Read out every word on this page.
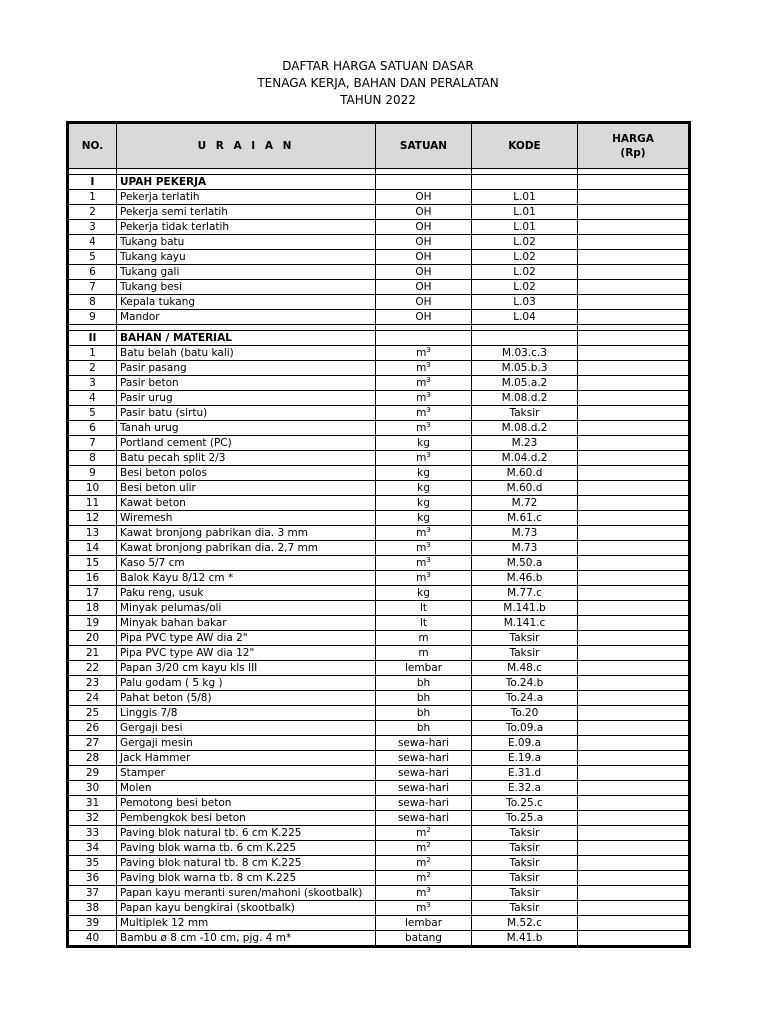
DAFTAR HARGA SATUAN DASAR
TENAGA KERJA, BAHAN DAN PERALATAN
TAHUN 2022
NO.	U R A I A N	SATUAN	KODE	HARGA
(Rp)

I	UPAH PEKERJA			
1	Pekerja terlatih	OH	L.01	
2	Pekerja semi terlatih	OH	L.01	
3	Pekerja tidak terlatih	OH	L.01	
4	Tukang batu	OH	L.02	
5	Tukang kayu	OH	L.02	
6	Tukang gali	OH	L.02	
7	Tukang besi	OH	L.02	
8	Kepala tukang	OH	L.03	
9	Mandor	OH	L.04	

II	BAHAN / MATERIAL			
1	Batu belah (batu kali)	$m^3$	M.03.c.3	
2	Pasir pasang	$m^3$	M.05.b.3	
3	Pasir beton	$m^3$	M.05.a.2	
4	Pasir urug	$m^3$	M.08.d.2	
5	Pasir batu (sirtu)	$m^3$	Taksir	
6	Tanah urug	$m^3$	M.08.d.2	
7	Portland cement (PC)	kg	M.23	
8	Batu pecah split 2/3	$m^3$	M.04.d.2	
9	Besi beton polos	kg	M.60.d	
10	Besi beton ulir	kg	M.60.d	
11	Kawat beton	kg	M.72	
12	Wiremesh	kg	M.61.c	
13	Kawat bronjong pabrikan dia. 3 mm	$m^3$	M.73	
14	Kawat bronjong pabrikan dia. 2,7 mm	$m^3$	M.73	
15	Kaso 5/7 cm	$m^3$	M.50.a	
16	Balok Kayu 8/12 cm *	$m^3$	M.46.b	
17	Paku reng, usuk	kg	M.77.c	
18	Minyak pelumas/oli	lt	M.141.b	
19	Minyak bahan bakar	lt	M.141.c	
20	Pipa PVC type AW dia 2"	m	Taksir	
21	Pipa PVC type AW dia 12"	m	Taksir	
22	Papan 3/20 cm kayu kls III	lembar	M.48.c	
23	Palu godam ( 5 kg )	bh	To.24.b	
24	Pahat beton (5/8)	bh	To.24.a	
25	Linggis 7/8	bh	To.20	
26	Gergaji besi	bh	To.09.a	
27	Gergaji mesin	sewa-hari	E.09.a	
28	Jack Hammer	sewa-hari	E.19.a	
29	Stamper	sewa-hari	E.31.d	
30	Molen	sewa-hari	E.32.a	
31	Pemotong besi beton	sewa-hari	To.25.c	
32	Pembengkok besi beton	sewa-hari	To.25.a	
33	Paving blok natural tb. 6 cm K.225	$m^2$	Taksir	
34	Paving blok warna tb. 6 cm K.225	$m^2$	Taksir	
35	Paving blok natural tb. 8 cm K.225	$m^2$	Taksir	
36	Paving blok warna tb. 8 cm K.225	$m^2$	Taksir	
37	Papan kayu meranti suren/mahoni (skootbalk)	$m^3$	Taksir	
38	Papan kayu bengkirai (skootbalk)	$m^3$	Taksir	
39	Multiplek 12 mm	lembar	M.52.c	
40	Bambu ø 8 cm -10 cm, pjg. 4 m*	batang	M.41.b	
